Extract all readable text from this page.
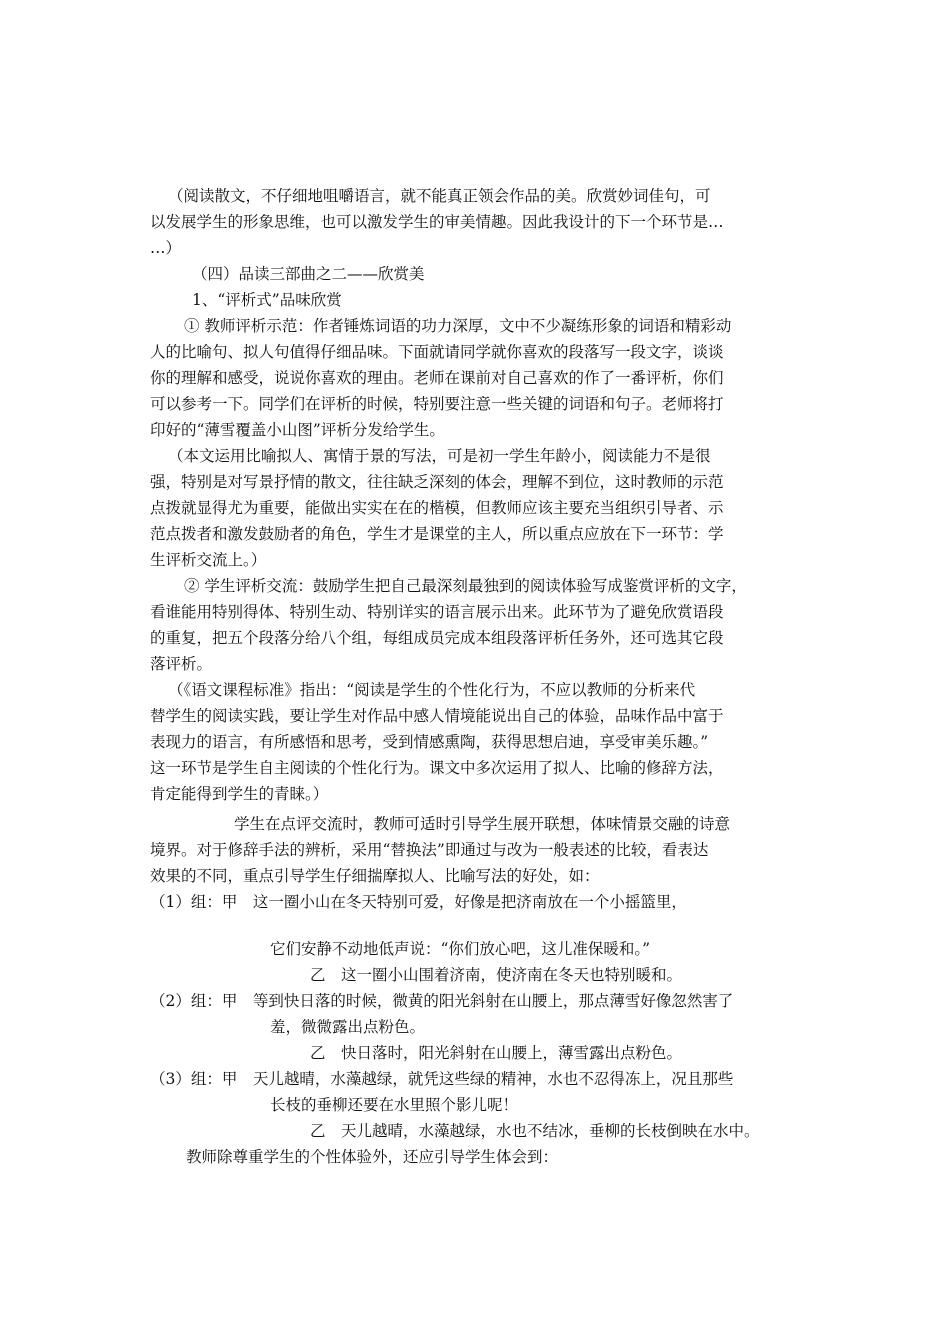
（阅读散文，不仔细地咀嚼语言，就不能真正领会作品的美。欣赏妙词佳句，可
以发展学生的形象思维，也可以激发学生的审美情趣。因此我设计的下一个环节是…
…）
（四）品读三部曲之二——欣赏美
1、“评析式”品味欣赏
① 教师评析示范：作者锤炼词语的功力深厚，文中不少凝练形象的词语和精彩动
人的比喻句、拟人句值得仔细品味。下面就请同学就你喜欢的段落写一段文字，谈谈
你的理解和感受，说说你喜欢的理由。老师在课前对自己喜欢的作了一番评析，你们
可以参考一下。同学们在评析的时候，特别要注意一些关键的词语和句子。老师将打
印好的“薄雪覆盖小山图”评析分发给学生。
（本文运用比喻拟人、寓情于景的写法，可是初一学生年龄小，阅读能力不是很
强，特别是对写景抒情的散文，往往缺乏深刻的体会，理解不到位，这时教师的示范
点拨就显得尤为重要，能做出实实在在的楷模，但教师应该主要充当组织引导者、示
范点拨者和激发鼓励者的角色，学生才是课堂的主人，所以重点应放在下一环节：学
生评析交流上。）
② 学生评析交流：鼓励学生把自己最深刻最独到的阅读体验写成鉴赏评析的文字，
看谁能用特别得体、特别生动、特别详实的语言展示出来。此环节为了避免欣赏语段
的重复，把五个段落分给八个组，每组成员完成本组段落评析任务外，还可选其它段
落评析。
（《语文课程标准》指出：“阅读是学生的个性化行为，不应以教师的分析来代
替学生的阅读实践，要让学生对作品中感人情境能说出自己的体验，品味作品中富于
表现力的语言，有所感悟和思考，受到情感熏陶，获得思想启迪，享受审美乐趣。”
这一环节是学生自主阅读的个性化行为。课文中多次运用了拟人、比喻的修辞方法，
肯定能得到学生的青睐。）
学生在点评交流时，教师可适时引导学生展开联想，体味情景交融的诗意
境界。对于修辞手法的辨析，采用“替换法”即通过与改为一般表述的比较，看表达
效果的不同，重点引导学生仔细揣摩拟人、比喻写法的好处，如：
（1）组：甲　这一圈小山在冬天特别可爱，好像是把济南放在一个小摇篮里，
它们安静不动地低声说：“你们放心吧，这儿准保暖和。”
乙　这一圈小山围着济南，使济南在冬天也特别暖和。
（2）组：甲　等到快日落的时候，微黄的阳光斜射在山腰上，那点薄雪好像忽然害了
羞，微微露出点粉色。
乙　快日落时，阳光斜射在山腰上，薄雪露出点粉色。
（3）组：甲　天儿越晴，水藻越绿，就凭这些绿的精神，水也不忍得冻上，况且那些
长枝的垂柳还要在水里照个影儿呢！
乙　天儿越晴，水藻越绿，水也不结冰，垂柳的长枝倒映在水中。
教师除尊重学生的个性体验外，还应引导学生体会到：
